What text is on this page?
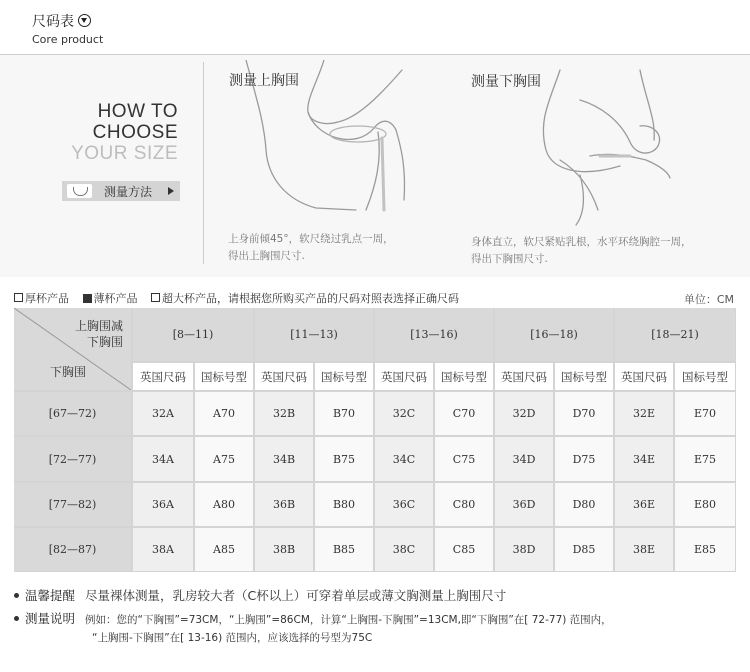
尺码表
Core product
HOW TO
CHOOSE
YOUR SIZE
测量方法
测量上胸围
上身前倾45°，软尺绕过乳点一周，
得出上胸围尺寸.
测量下胸围
身体直立，软尺紧贴乳根，水平环绕胸腔一周，
得出下胸围尺寸.
厚杯产品 薄杯产品 超大杯产品，请根据您所购买产品的尺码对照表选择正确尺码	单位：CM
上胸围减
下胸围
下胸围
[8—11)	[11—13)	[13—16)	[16—18)	[18—21)
英国尺码	国标号型	英国尺码	国标号型	英国尺码	国标号型	英国尺码	国标号型	英国尺码	国标号型
[67—72)	32A	A70	32B	B70	32C	C70	32D	D70	32E	E70
[72—77)	34A	A75	34B	B75	34C	C75	34D	D75	34E	E75
[77—82)	36A	A80	36B	B80	36C	C80	36D	D80	36E	E80
[82—87)	38A	A85	38B	B85	38C	C85	38D	D85	38E	E85
温馨提醒 尽量裸体测量，乳房较大者（C杯以上）可穿着单层或薄文胸测量上胸围尺寸
测量说明 例如：您的“下胸围”=73CM，“上胸围”=86CM，计算“上胸围-下胸围”=13CM,即“下胸围”在[ 72-77) 范围内，
“上胸围-下胸围”在[ 13-16) 范围内，应该选择的号型为75C
